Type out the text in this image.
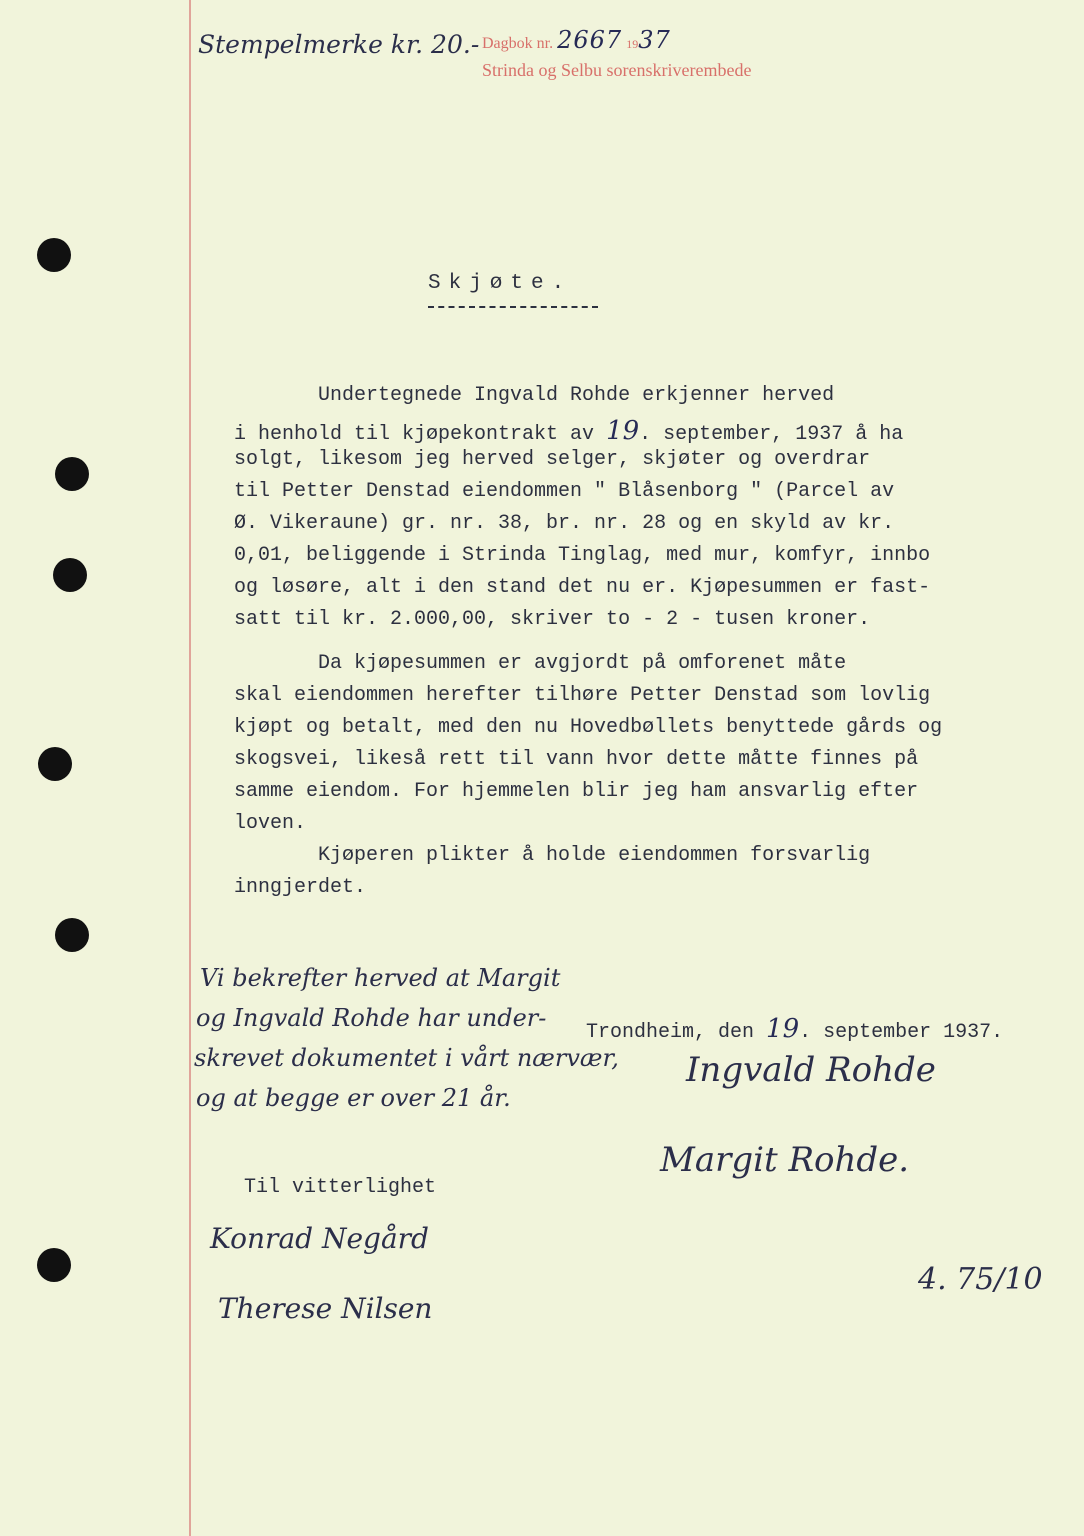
Stempelmerke kr. 20.- Dagbok nr. 2667 1937
Strinda og Selbu sorenskriverembede
Skjøte.
Undertegnede Ingvald Rohde erkjenner herved
i henhold til kjøpekontrakt av 19. september, 1937 å ha
solgt, likesom jeg herved selger, skjøter og overdrar
til Petter Denstad eiendommen " Blåsenborg " (Parcel av
Ø. Vikeraune) gr. nr. 38, br. nr. 28 og en skyld av kr.
0,01, beliggende i Strinda Tinglag, med mur, komfyr, innbo
og løsøre, alt i den stand det nu er. Kjøpesummen er fast-
satt til kr. 2.000,00, skriver to - 2 - tusen kroner.
Da kjøpesummen er avgjordt på omforenet måte
skal eiendommen herefter tilhøre Petter Denstad som lovlig
kjøpt og betalt, med den nu Hovedbøllets benyttede gårds og
skogsvei, likeså rett til vann hvor dette måtte finnes på
samme eiendom. For hjemmelen blir jeg ham ansvarlig efter
loven.
Kjøperen plikter å holde eiendommen forsvarlig
inngjerdet.
Vi bekrefter herved at Margit
og Ingvald Rohde har under-
skrevet dokumentet i vårt nærvær,
og at begge er over 21 år.
Trondheim, den 19. september 1937.
Ingvald Rohde
Margit Rohde.
Til vitterlighet
Konrad Negård
Therese Nilsen
4. 75/10
